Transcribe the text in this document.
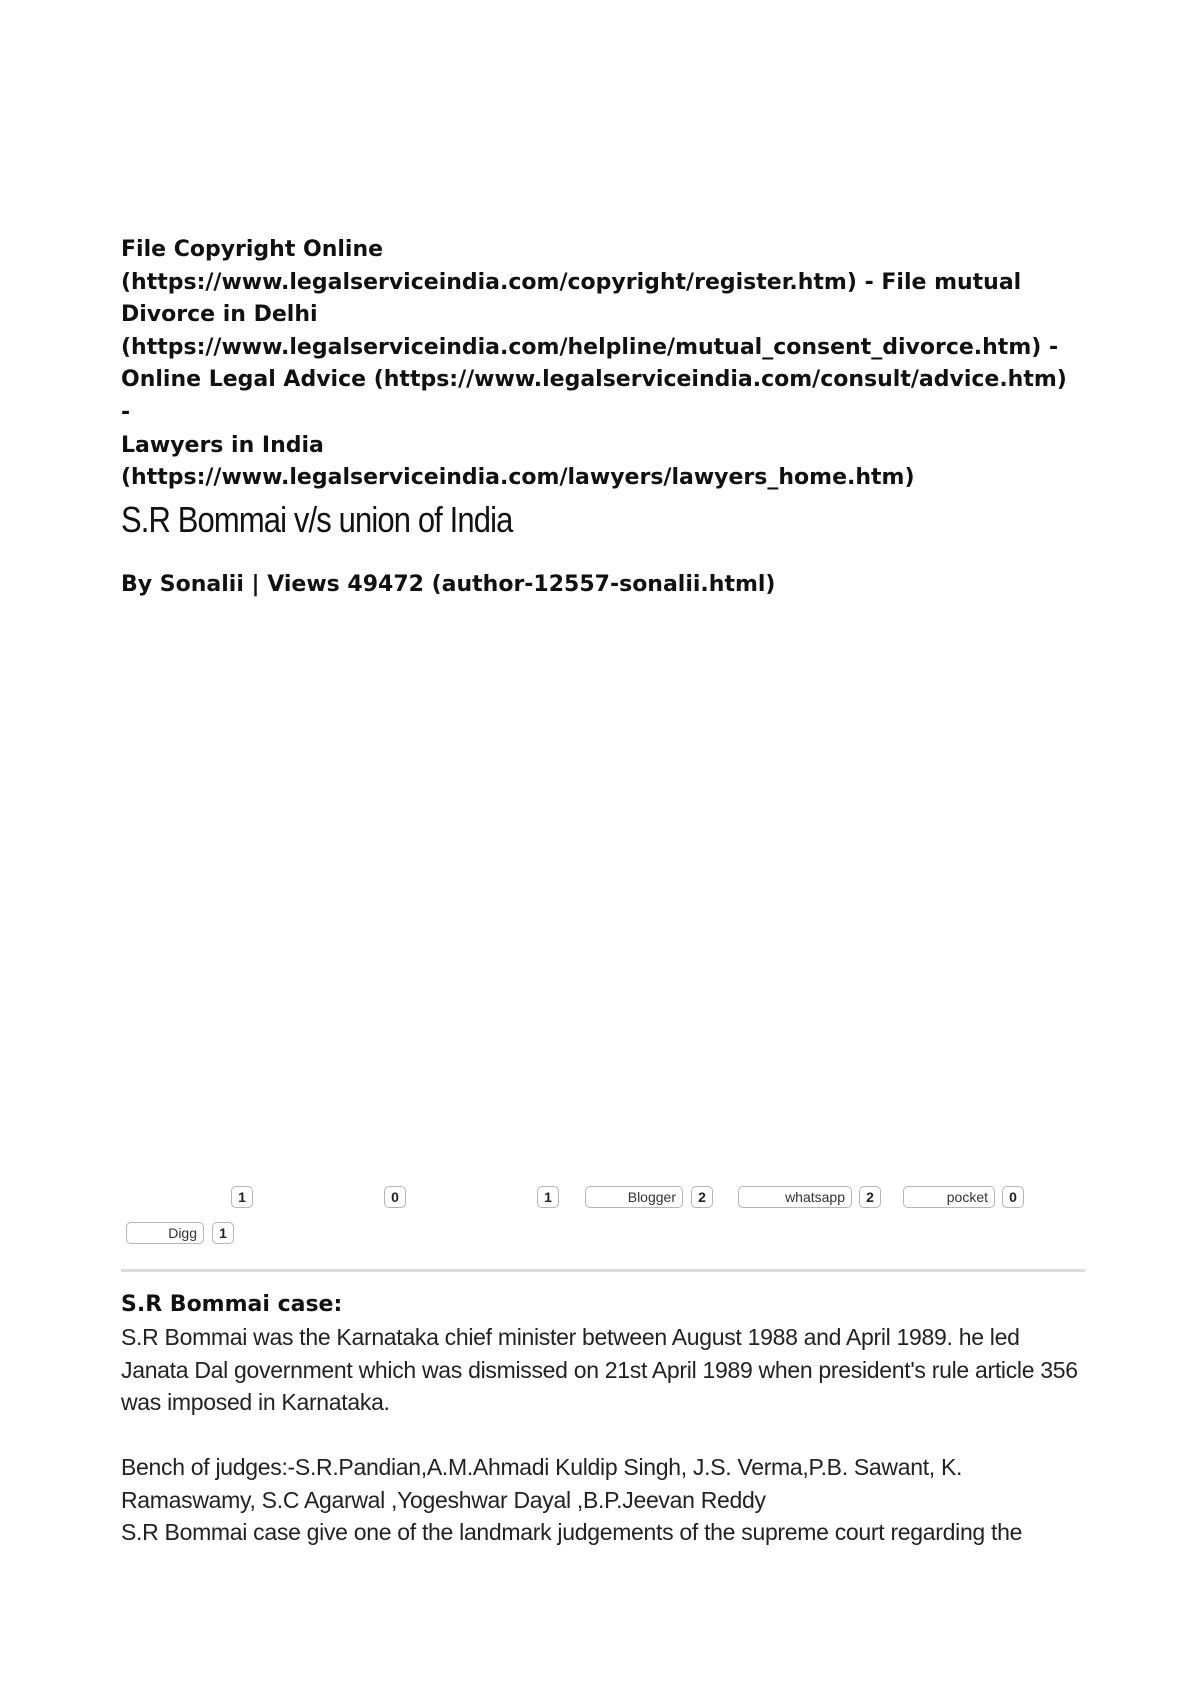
File Copyright Online
(https://www.legalserviceindia.com/copyright/register.htm) - File mutual Divorce in Delhi
(https://www.legalserviceindia.com/helpline/mutual_consent_divorce.htm) -
Online Legal Advice (https://www.legalserviceindia.com/consult/advice.htm) -
Lawyers in India
(https://www.legalserviceindia.com/lawyers/lawyers_home.htm)
S.R Bommai v/s union of India
By Sonalii | Views 49472 (author-12557-sonalii.html)
1	0	1	Blogger	2	whatsapp	2	pocket	0
Digg	1
S.R Bommai case:
S.R Bommai was the Karnataka chief minister between August 1988 and April 1989. he led Janata Dal government which was dismissed on 21st April 1989 when president's rule article 356 was imposed in Karnataka.
Bench of judges:-S.R.Pandian,A.M.Ahmadi Kuldip Singh, J.S. Verma,P.B. Sawant, K. Ramaswamy, S.C Agarwal ,Yogeshwar Dayal ,B.P.Jeevan Reddy
S.R Bommai case give one of the landmark judgements of the supreme court regarding the
